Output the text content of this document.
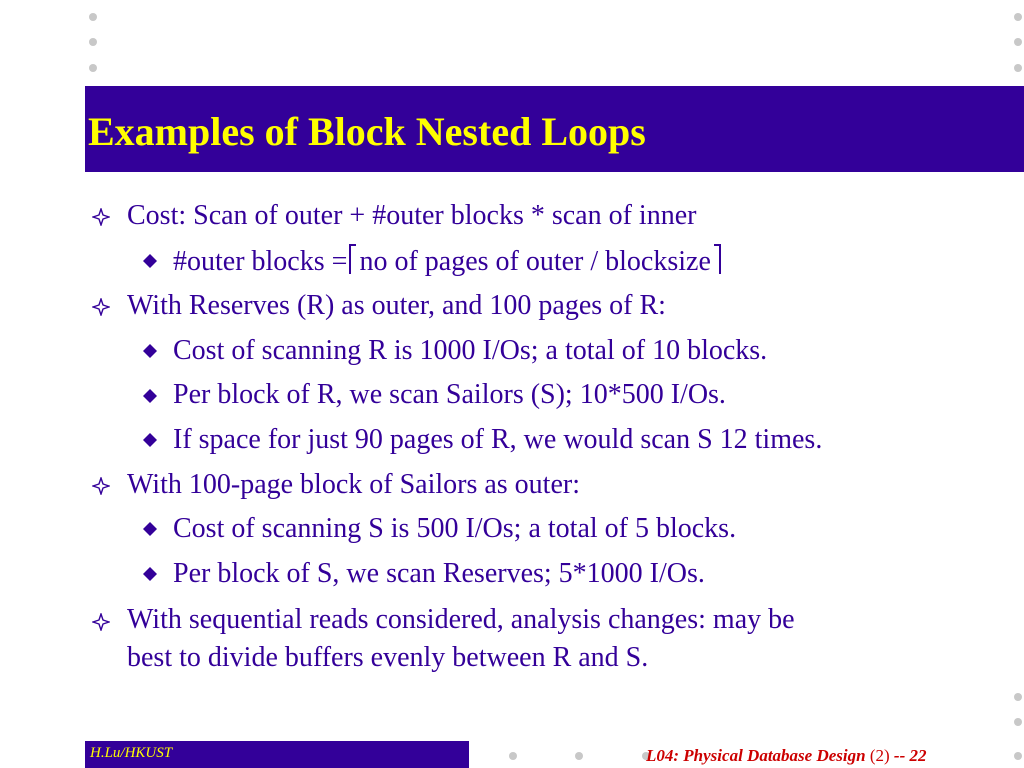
Examples of Block Nested Loops
Cost: Scan of outer + #outer blocks * scan of inner
#outer blocks = no of pages of outer / blocksize
With Reserves (R) as outer, and 100 pages of R:
Cost of scanning R is 1000 I/Os; a total of 10 blocks.
Per block of R, we scan Sailors (S); 10*500 I/Os.
If space for just 90 pages of R, we would scan S 12 times.
With 100-page block of Sailors as outer:
Cost of scanning S is 500 I/Os; a total of 5 blocks.
Per block of S, we scan Reserves; 5*1000 I/Os.
With sequential reads considered, analysis changes: may be
best to divide buffers evenly between R and S.
H.Lu/HKUST	L04: Physical Database Design (2) -- 22
